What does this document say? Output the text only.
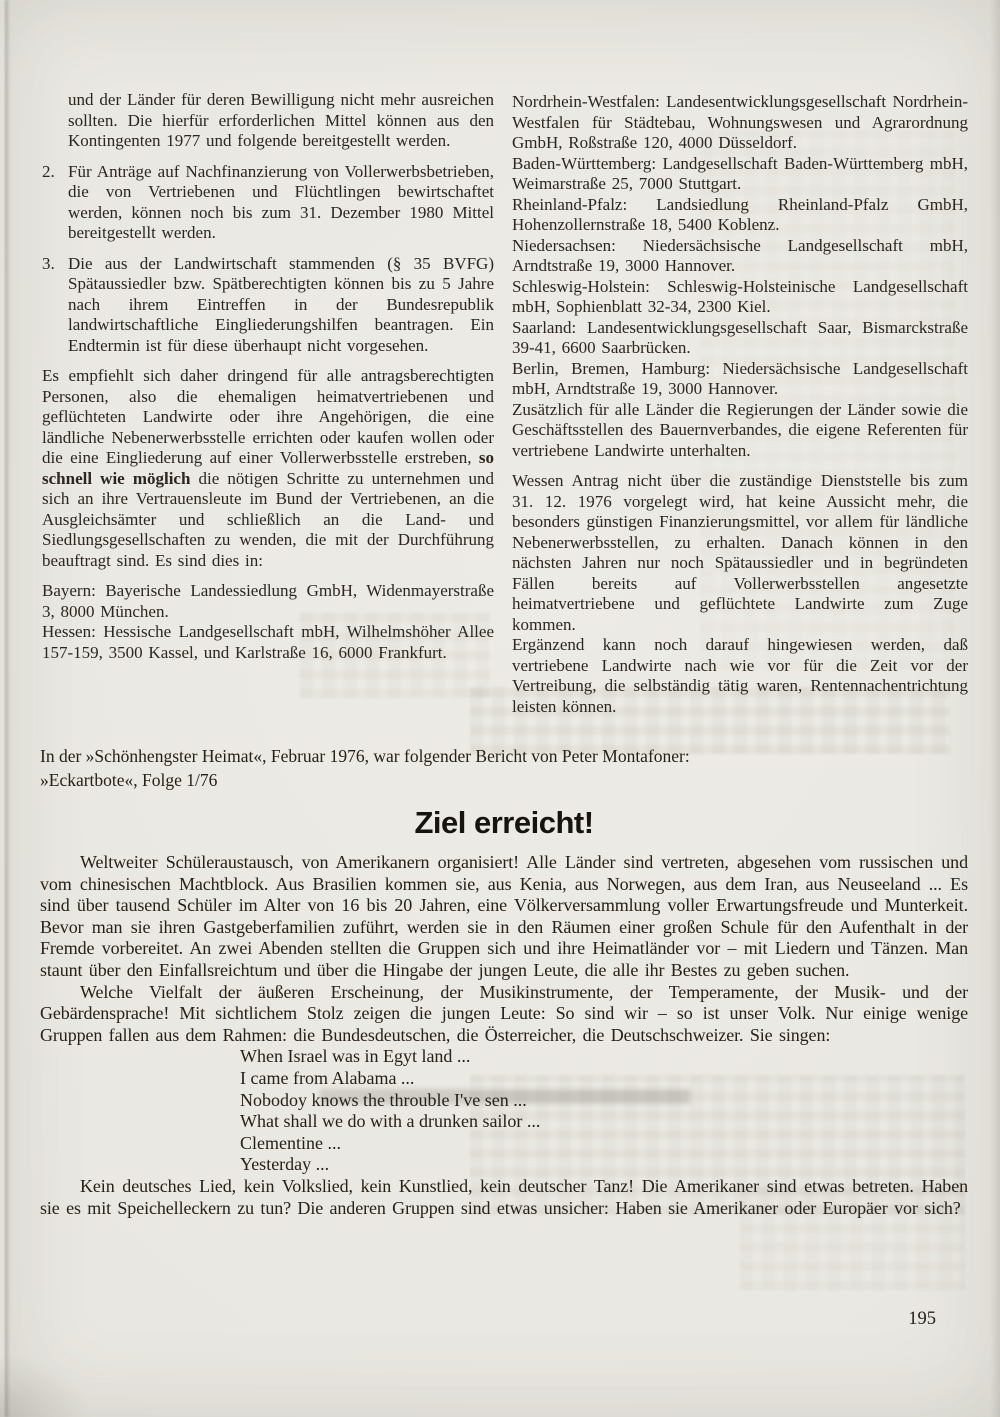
und der Länder für deren Bewilligung nicht mehr ausreichen sollten. Die hierfür erforderlichen Mittel können aus den Kontingenten 1977 und folgende bereitgestellt werden.

2. Für Anträge auf Nachfinanzierung von Vollerwerbsbetrieben, die von Vertriebenen und Flüchtlingen bewirtschaftet werden, können noch bis zum 31. Dezember 1980 Mittel bereitgestellt werden.
3. Die aus der Landwirtschaft stammenden (§ 35 BVFG) Spätaussiedler bzw. Spätberechtigten können bis zu 5 Jahre nach ihrem Eintreffen in der Bundesrepublik landwirtschaftliche Eingliederungshilfen beantragen. Ein Endtermin ist für diese überhaupt nicht vorgesehen.

Es empfiehlt sich daher dringend für alle antragsberechtigten Personen, also die ehemaligen heimatvertriebenen und geflüchteten Landwirte oder ihre Angehörigen, die eine ländliche Nebenerwerbsstelle errichten oder kaufen wollen oder die eine Eingliederung auf einer Vollerwerbsstelle erstreben, so schnell wie möglich die nötigen Schritte zu unternehmen und sich an ihre Vertrauensleute im Bund der Vertriebenen, an die Ausgleichsämter und schließlich an die Land- und Siedlungsgesellschaften zu wenden, die mit der Durchführung beauftragt sind. Es sind dies in:

Bayern: Bayerische Landessiedlung GmbH, Widenmayerstraße 3, 8000 München.

Hessen: Hessische Landgesellschaft mbH, Wilhelmshöher Allee 157-159, 3500 Kassel, und Karlstraße 16, 6000 Frankfurt.

Nordrhein-Westfalen: Landesentwicklungsgesellschaft Nordrhein-Westfalen für Städtebau, Wohnungswesen und Agrarordnung GmbH, Roßstraße 120, 4000 Düsseldorf.

Baden-Württemberg: Landgesellschaft Baden-Württemberg mbH, Weimarstraße 25, 7000 Stuttgart.

Rheinland-Pfalz: Landsiedlung Rheinland-Pfalz GmbH, Hohenzollernstraße 18, 5400 Koblenz.

Niedersachsen: Niedersächsische Landgesellschaft mbH, Arndtstraße 19, 3000 Hannover.

Schleswig-Holstein: Schleswig-Holsteinische Landgesellschaft mbH, Sophienblatt 32-34, 2300 Kiel.

Saarland: Landesentwicklungsgesellschaft Saar, Bismarckstraße 39-41, 6600 Saarbrücken.

Berlin, Bremen, Hamburg: Niedersächsische Landgesellschaft mbH, Arndtstraße 19, 3000 Hannover.

Zusätzlich für alle Länder die Regierungen der Länder sowie die Geschäftsstellen des Bauernverbandes, die eigene Referenten für vertriebene Landwirte unterhalten.

Wessen Antrag nicht über die zuständige Dienststelle bis zum 31. 12. 1976 vorgelegt wird, hat keine Aussicht mehr, die besonders günstigen Finanzierungsmittel, vor allem für ländliche Nebenerwerbsstellen, zu erhalten. Danach können in den nächsten Jahren nur noch Spätaussiedler und in begründeten Fällen bereits auf Vollerwerbsstellen angesetzte heimatvertriebene und geflüchtete Landwirte zum Zuge kommen.

Ergänzend kann noch darauf hingewiesen werden, daß vertriebene Landwirte nach wie vor für die Zeit vor der Vertreibung, die selbständig tätig waren, Rentennachentrichtung leisten können.

In der »Schönhengster Heimat«, Februar 1976, war folgender Bericht von Peter Montafoner:

»Eckartbote«, Folge 1/76

Ziel erreicht!

Weltweiter Schüleraustausch, von Amerikanern organisiert! Alle Länder sind vertreten, abgesehen vom russischen und vom chinesischen Machtblock. Aus Brasilien kommen sie, aus Kenia, aus Norwegen, aus dem Iran, aus Neuseeland ... Es sind über tausend Schüler im Alter von 16 bis 20 Jahren, eine Völkerversammlung voller Erwartungsfreude und Munterkeit. Bevor man sie ihren Gastgeberfamilien zuführt, werden sie in den Räumen einer großen Schule für den Aufenthalt in der Fremde vorbereitet. An zwei Abenden stellten die Gruppen sich und ihre Heimatländer vor – mit Liedern und Tänzen. Man staunt über den Einfallsreichtum und über die Hingabe der jungen Leute, die alle ihr Bestes zu geben suchen.

Welche Vielfalt der äußeren Erscheinung, der Musikinstrumente, der Temperamente, der Musik- und der Gebärdensprache! Mit sichtlichem Stolz zeigen die jungen Leute: So sind wir – so ist unser Volk. Nur einige wenige Gruppen fallen aus dem Rahmen: die Bundesdeutschen, die Österreicher, die Deutschschweizer. Sie singen:

When Israel was in Egyt land ...
I came from Alabama ...
Nobodoy knows the throuble I've sen ...
What shall we do with a drunken sailor ...
Clementine ...
Yesterday ...

Kein deutsches Lied, kein Volkslied, kein Kunstlied, kein deutscher Tanz! Die Amerikaner sind etwas betreten. Haben sie es mit Speichelleckern zu tun? Die anderen Gruppen sind etwas unsicher: Haben sie Amerikaner oder Europäer vor sich?

195
